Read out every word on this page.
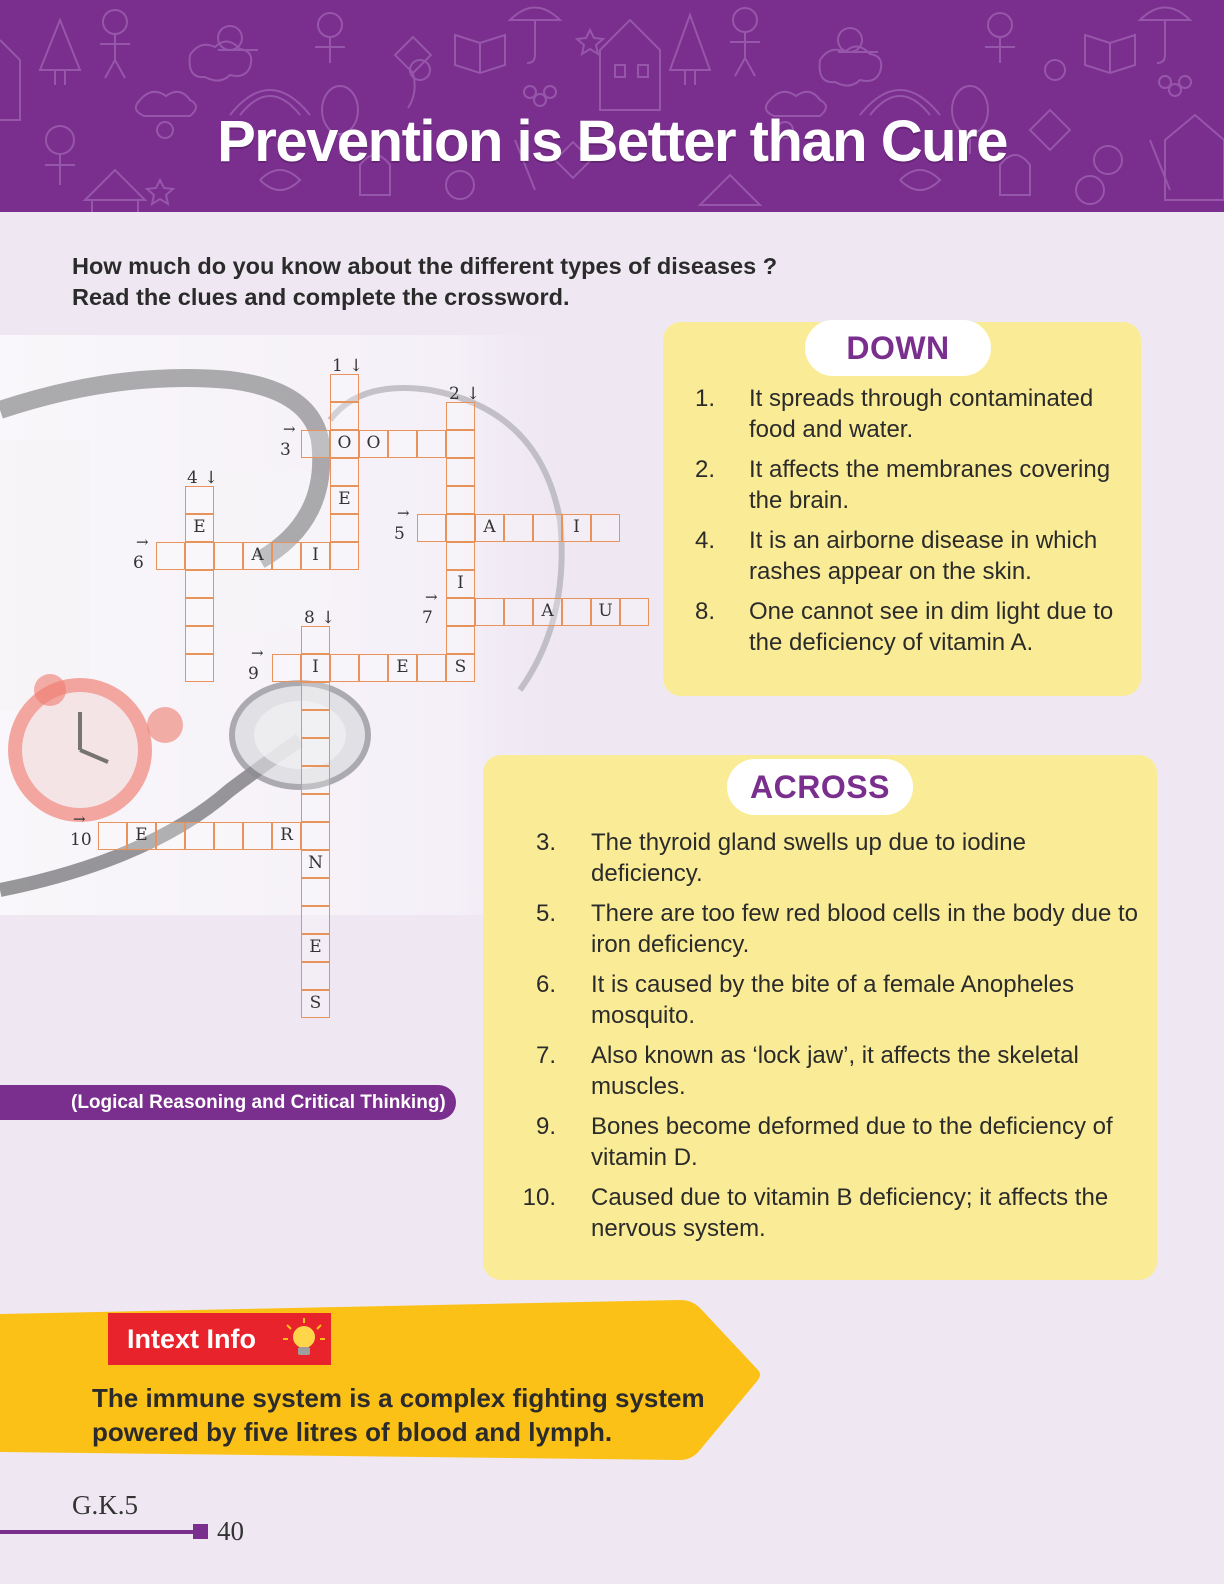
Prevention is Better than Cure
How much do you know about the different types of diseases ?
Read the clues and complete the crossword.
O
E
I
S
O
E	A	I
A	I
A	U
I
N
E
S
E
E	R
1 ↓
2 ↓
3
→
4 ↓
5
→
6
→
7
→
8 ↓
9
→
10
→
DOWN
1. It spreads through contaminated food and water.
2. It affects the membranes covering the brain.
4. It is an airborne disease in which rashes appear on the skin.
8. One cannot see in dim light due to the deficiency of vitamin A.
ACROSS
3. The thyroid gland swells up due to iodine deficiency.
5. There are too few red blood cells in the body due to iron deficiency.
6. It is caused by the bite of a female Anopheles mosquito.
7. Also known as ‘lock jaw’, it affects the skeletal muscles.
9. Bones become deformed due to the deficiency of vitamin D.
10. Caused due to vitamin B deficiency; it affects the nervous system.
(Logical Reasoning and Critical Thinking)
Intext Info
The immune system is a complex fighting system powered by five litres of blood and lymph.
G.K.5
40
